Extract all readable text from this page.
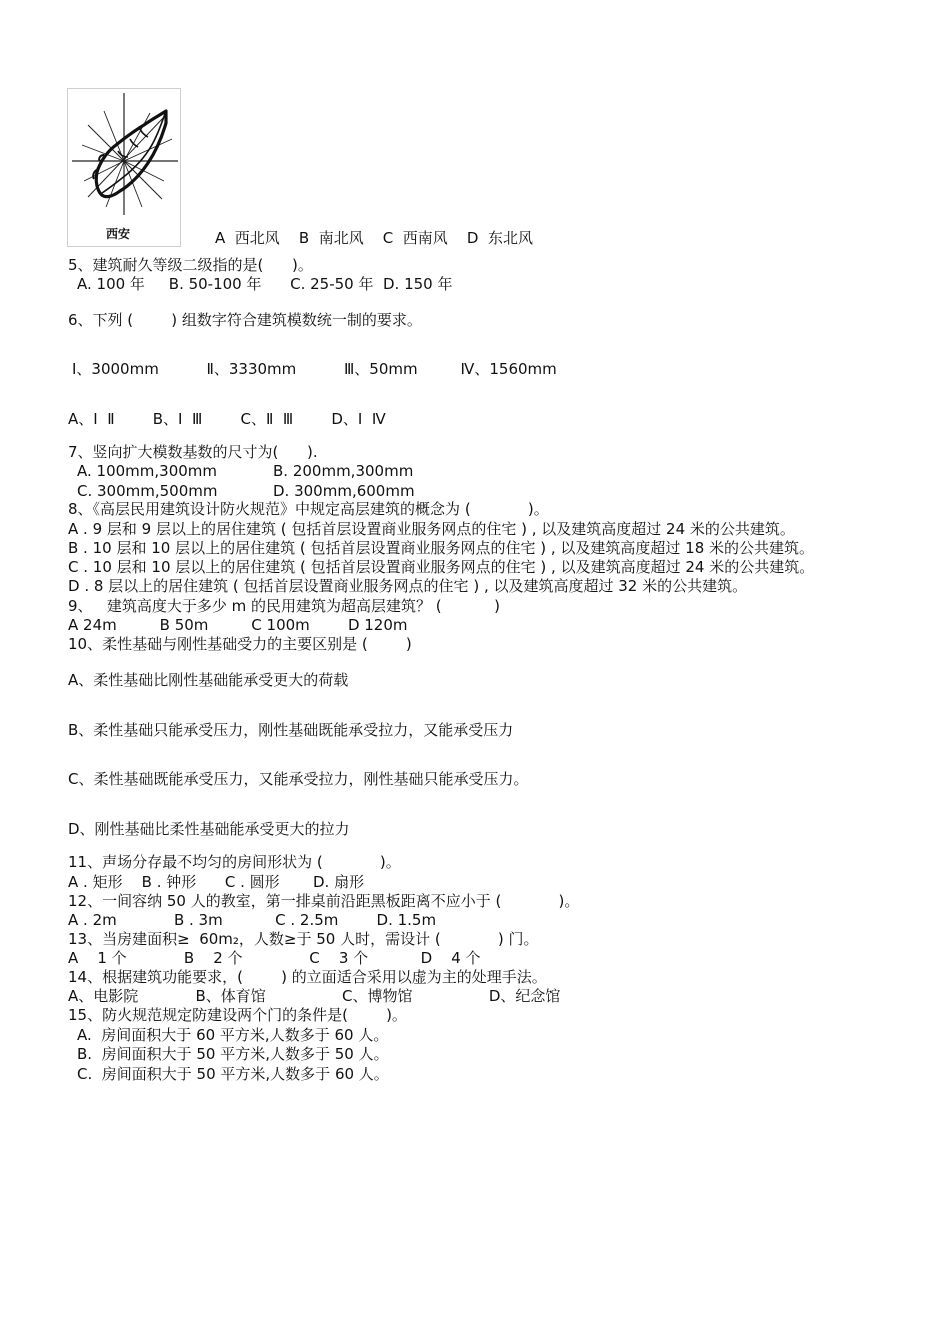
西安	A  西北风    B  南北风    C  西南风    D  东北风
5、建筑耐久等级二级指的是(      )。
A. 100 年     B. 50-100 年      C. 25-50 年  D. 150 年
6、下列 (        ) 组数字符合建筑模数统一制的要求。
Ⅰ、3000mm          Ⅱ、3330mm          Ⅲ、50mm         Ⅳ、1560mm
A、Ⅰ  Ⅱ        B、Ⅰ  Ⅲ        C、Ⅱ  Ⅲ        D、Ⅰ  Ⅳ
7、竖向扩大模数基数的尺寸为(      ).
A. 100mm,300mm	B. 200mm,300mm
C. 300mm,500mm	D. 300mm,600mm
8、《高层民用建筑设计防火规范》中规定高层建筑的概念为 (            )。
A . 9 层和 9 层以上的居住建筑 ( 包括首层设置商业服务网点的住宅 ) , 以及建筑高度超过 24 米的公共建筑。
B . 10 层和 10 层以上的居住建筑 ( 包括首层设置商业服务网点的住宅 ) , 以及建筑高度超过 18 米的公共建筑。
C . 10 层和 10 层以上的居住建筑 ( 包括首层设置商业服务网点的住宅 ) , 以及建筑高度超过 24 米的公共建筑。
D . 8 层以上的居住建筑 ( 包括首层设置商业服务网点的住宅 ) , 以及建筑高度超过 32 米的公共建筑。
9、   建筑高度大于多少 m 的民用建筑为超高层建筑？ (           )
A 24m         B 50m         C 100m        D 120m
10、柔性基础与刚性基础受力的主要区别是 (        )
A、柔性基础比刚性基础能承受更大的荷载
B、柔性基础只能承受压力，刚性基础既能承受拉力，又能承受压力
C、柔性基础既能承受压力，又能承受拉力，刚性基础只能承受压力。
D、刚性基础比柔性基础能承受更大的拉力
11、声场分存最不均匀的房间形状为 (            )。
A . 矩形    B . 钟形      C . 圆形       D. 扇形
12、一间容纳 50 人的教室，第一排桌前沿距黑板距离不应小于 (            )。
A . 2m            B . 3m           C . 2.5m        D. 1.5m
13、当房建面积≥  60m₂，人数≥于 50 人时，需设计 (            ) 门。
A    1 个            B    2 个              C    3 个           D    4 个
14、根据建筑功能要求，(        ) 的立面适合采用以虚为主的处理手法。
A、电影院            B、体育馆                C、博物馆                D、纪念馆
15、防火规范规定防建设两个门的条件是(        )。
A.  房间面积大于 60 平方米,人数多于 60 人。
B.  房间面积大于 50 平方米,人数多于 50 人。
C.  房间面积大于 50 平方米,人数多于 60 人。
